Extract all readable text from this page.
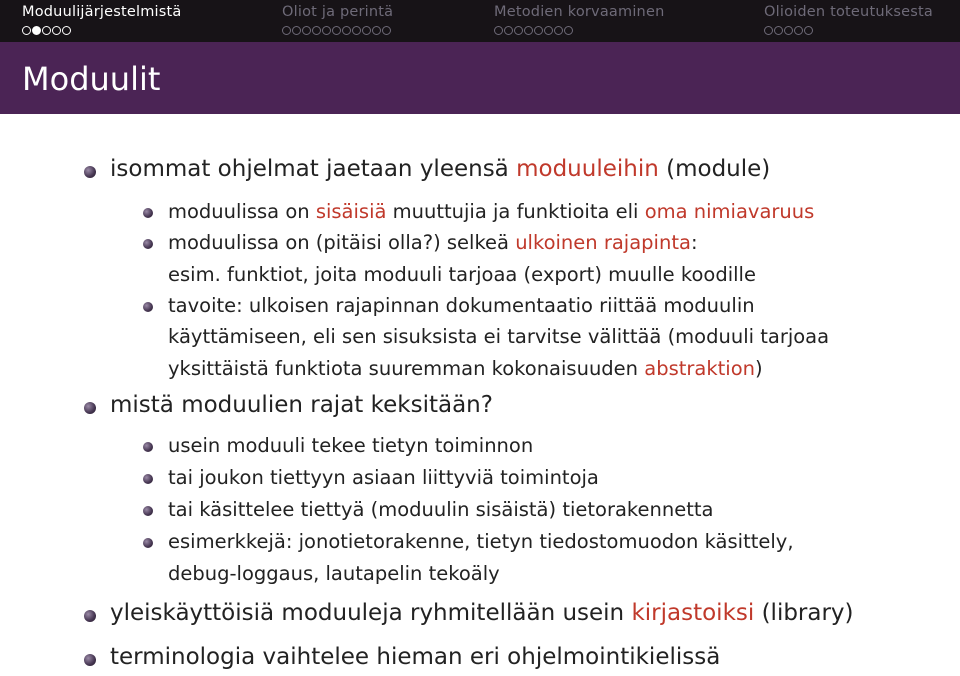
Moduulijärjestelmistä	Oliot ja perintä	Metodien korvaaminen	Olioiden toteutuksesta
Moduulit
isommat ohjelmat jaetaan yleensä moduuleihin (module)
moduulissa on sisäisiä muuttujia ja funktioita eli oma nimiavaruus
moduulissa on (pitäisi olla?) selkeä ulkoinen rajapinta:
esim. funktiot, joita moduuli tarjoaa (export) muulle koodille
tavoite: ulkoisen rajapinnan dokumentaatio riittää moduulin
käyttämiseen, eli sen sisuksista ei tarvitse välittää (moduuli tarjoaa
yksittäistä funktiota suuremman kokonaisuuden abstraktion)
mistä moduulien rajat keksitään?
usein moduuli tekee tietyn toiminnon
tai joukon tiettyyn asiaan liittyviä toimintoja
tai käsittelee tiettyä (moduulin sisäistä) tietorakennetta
esimerkkejä: jonotietorakenne, tietyn tiedostomuodon käsittely,
debug-loggaus, lautapelin tekoäly
yleiskäyttöisiä moduuleja ryhmitellään usein kirjastoiksi (library)
terminologia vaihtelee hieman eri ohjelmointikielissä
